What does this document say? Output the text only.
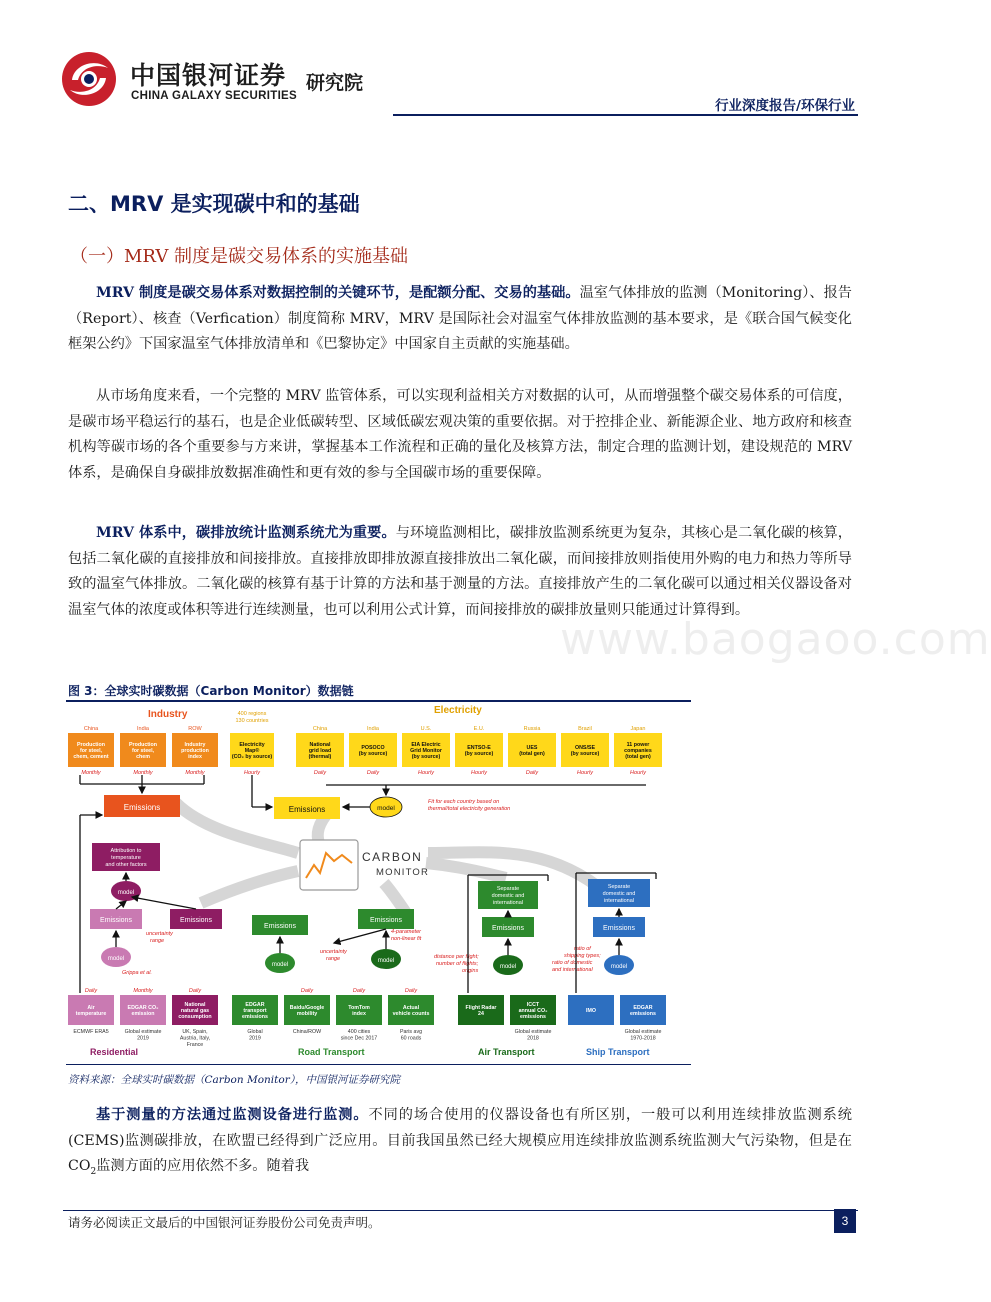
中国银河证券
CHINA GALAXY SECURITIES
研究院
行业深度报告/环保行业
二、MRV 是实现碳中和的基础
（一）MRV 制度是碳交易体系的实施基础

MRV 制度是碳交易体系对数据控制的关键环节，是配额分配、交易的基础。温室气体排放的监测（Monitoring）、报告（Report）、核查（Verfication）制度简称 MRV，MRV 是国际社会对温室气体排放监测的基本要求，是《联合国气候变化框架公约》下国家温室气体排放清单和《巴黎协定》中国家自主贡献的实施基础。

从市场角度来看，一个完整的 MRV 监管体系，可以实现利益相关方对数据的认可，从而增强整个碳交易体系的可信度，是碳市场平稳运行的基石，也是企业低碳转型、区域低碳宏观决策的重要依据。对于控排企业、新能源企业、地方政府和核查机构等碳市场的各个重要参与方来讲，掌握基本工作流程和正确的量化及核算方法，制定合理的监测计划，建设规范的 MRV 体系，是确保自身碳排放数据准确性和更有效的参与全国碳市场的重要保障。

MRV 体系中，碳排放统计监测系统尤为重要。与环境监测相比，碳排放监测系统更为复杂，其核心是二氧化碳的核算，包括二氧化碳的直接排放和间接排放。直接排放即排放源直接排放出二氧化碳，而间接排放则指使用外购的电力和热力等所导致的温室气体排放。二氧化碳的核算有基于计算的方法和基于测量的方法。直接排放产生的二氧化碳可以通过相关仪器设备对温室气体的浓度或体积等进行连续测量，也可以利用公式计算，而间接排放的碳排放量则只能通过计算得到。

www.baogaoo.com
图 3：全球实时碳数据（Carbon Monitor）数据链
Industry
China
Production
for steel,
chem, cement
Monthly
India
Production
for steel,
chem
Monthly
ROW
Industry
production
index
Monthly
Electricity
Electricity
Map®
(CO₂ by source)
Hourly
400 regions
130 countries
China
National
grid load
(thermal)
Daily
India
POSOCO
(by source)
Daily
U.S.
EIA Electric
Grid Monitor
(by source)
Hourly
E.U.
ENTSO-E
(by source)
Hourly
Russia
UES
(total gen)
Daily
Brazil
ONS/SE
(by source)
Hourly
Japan
11 power
companies
(total gen)
Hourly
Emissions	Emissions	model
Fit for each country based on
thermal/total electricity generation
CARBON
MONITOR
Attribution to
temperature
and other factors
model
Emissions	Emissions
model
uncertainty
range
Grippa et al.
Air
temperature
Daily
ECMWF ERA5
EDGAR CO₂
emission
Monthly
Global estimate
2019
National
natural gas
consumption
Daily
UK, Spain,
Austria, Italy,
France
Residential
Emissions
Emissions
4-parameter
non-linear fit
uncertainty
range
model
model
EDGAR
transport
emissions
Global
2019
Baidu/Google
mobility
Daily
China/ROW
TomTom
index
Daily
400 cities
since Dec 2017
Actual
vehicle counts
Daily
Paris avg
60 roads
Road Transport
Separate
domestic and
international
Emissions
model
distance per flight;
number of flights;
origins
Flight Radar
24
ICCT
annual CO₂
emissions
Global estimate
2018
Air Transport
Separate
domestic and
international
Emissions
model
ratio of
shipping types;
ratio of domestic
and international
IMO
EDGAR
emissions
Global estimate
1970-2018
Ship Transport
资料来源：全球实时碳数据（Carbon Monitor），中国银河证券研究院

基于测量的方法通过监测设备进行监测。不同的场合使用的仪器设备也有所区别，一般可以利用连续排放监测系统(CEMS)监测碳排放，在欧盟已经得到广泛应用。目前我国虽然已经大规模应用连续排放监测系统监测大气污染物，但是在 $CO_2$监测方面的应用依然不多。随着我

请务必阅读正文最后的中国银河证券股份公司免责声明。	3
